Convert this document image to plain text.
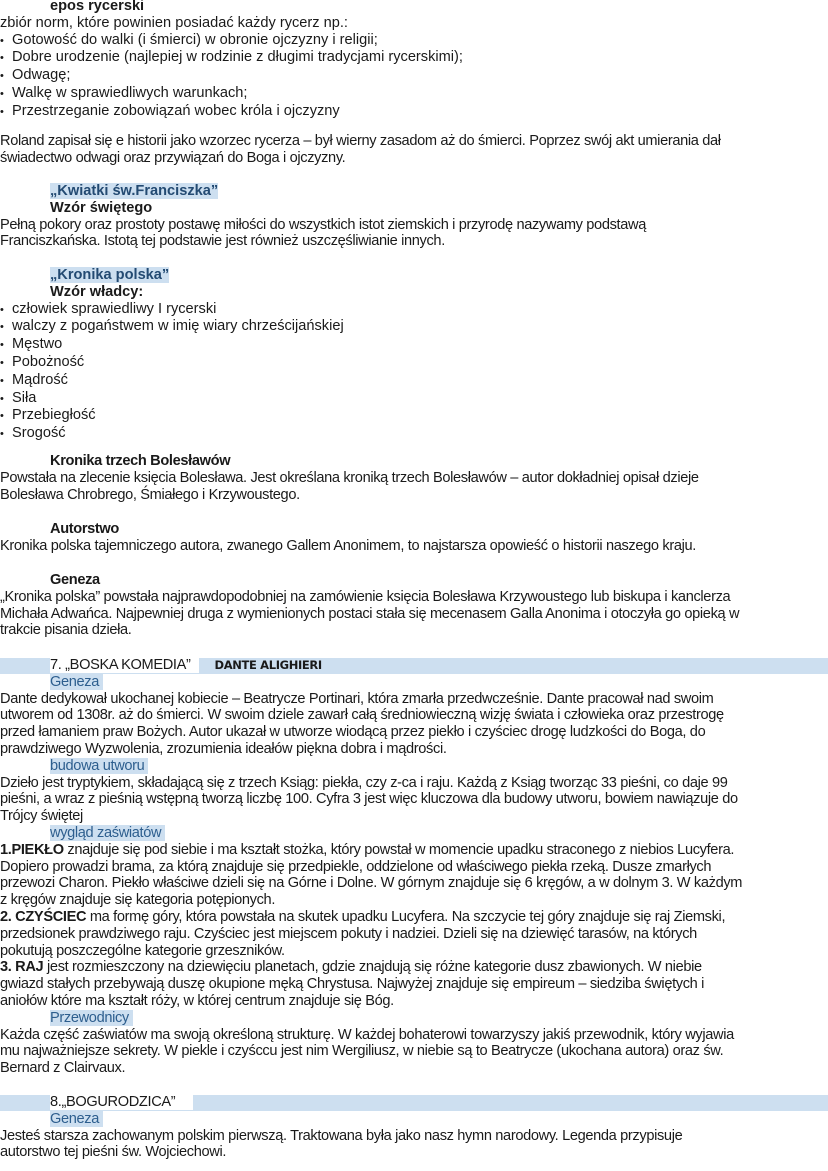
epos rycerski

zbiór norm, które powinien posiadać każdy rycerz np.:

• Gotowość do walki (i śmierci) w obronie ojczyzny i religii;

• Dobre urodzenie (najlepiej w rodzinie z długimi tradycjami rycerskimi);

• Odwagę;

• Walkę w sprawiedliwych warunkach;

• Przestrzeganie zobowiązań wobec króla i ojczyzny

Roland zapisał się e historii jako wzorzec rycerza – był wierny zasadom aż do śmierci. Poprzez swój akt umierania dał

świadectwo odwagi oraz przywiązań do Boga i ojczyzny.

„Kwiatki św.Franciszka”

Wzór świętego

Pełną pokory oraz prostoty postawę miłości do wszystkich istot ziemskich i przyrodę nazywamy podstawą

Franciszkańska. Istotą tej podstawie jest również uszczęśliwianie innych.

„Kronika polska”

Wzór władcy:

• człowiek sprawiedliwy I rycerski

• walczy z pogaństwem w imię wiary chrześcijańskiej

• Męstwo

• Pobożność

• Mądrość

• Siła

• Przebiegłość

• Srogość

Kronika trzech Bolesławów

Powstała na zlecenie księcia Bolesława. Jest określana kroniką trzech Bolesławów – autor dokładniej opisał dzieje

Bolesława Chrobrego, Śmiałego i Krzywoustego.

Autorstwo

Kronika polska tajemniczego autora, zwanego Gallem Anonimem, to najstarsza opowieść o historii naszego kraju.

Geneza

„Kronika polska” powstała najprawdopodobniej na zamówienie księcia Bolesława Krzywoustego lub biskupa i kanclerza

Michała Adwańca. Najpewniej druga z wymienionych postaci stała się mecenasem Galla Anonima i otoczyła go opieką w

trakcie pisania dzieła.

7. „BOSKA KOMEDIA” DANTE ALIGHIERI

Geneza

Dante dedykował ukochanej kobiecie – Beatrycze Portinari, która zmarła przedwcześnie. Dante pracował nad swoim

utworem od 1308r. aż do śmierci. W swoim dziele zawarł całą średniowieczną wizję świata i człowieka oraz przestrogę

przed łamaniem praw Bożych. Autor ukazał w utworze wiodącą przez piekło i czyściec drogę ludzkości do Boga, do

prawdziwego Wyzwolenia, zrozumienia ideałów piękna dobra i mądrości.

budowa utworu

Dzieło jest tryptykiem, składającą się z trzech Ksiąg: piekła, czy z-ca i raju. Każdą z Ksiąg tworząc 33 pieśni, co daje 99

pieśni, a wraz z pieśnią wstępną tworzą liczbę 100. Cyfra 3 jest więc kluczowa dla budowy utworu, bowiem nawiązuje do

Trójcy świętej

wygląd zaświatów

1.PIEKŁO znajduje się pod siebie i ma kształt stożka, który powstał w momencie upadku straconego z niebios Lucyfera.

Dopiero prowadzi brama, za którą znajduje się przedpiekle, oddzielone od właściwego piekła rzeką. Dusze zmarłych

przewozi Charon. Piekło właściwe dzieli się na Górne i Dolne. W górnym znajduje się 6 kręgów, a w dolnym 3. W każdym

z kręgów znajduje się kategoria potępionych.

2. CZYŚCIEC ma formę góry, która powstała na skutek upadku Lucyfera. Na szczycie tej góry znajduje się raj Ziemski,

przedsionek prawdziwego raju. Czyściec jest miejscem pokuty i nadziei. Dzieli się na dziewięć tarasów, na których

pokutują poszczególne kategorie grzeszników.

3. RAJ jest rozmieszczony na dziewięciu planetach, gdzie znajdują się różne kategorie dusz zbawionych. W niebie

gwiazd stałych przebywają duszę okupione męką Chrystusa. Najwyżej znajduje się empireum – siedziba świętych i

aniołów które ma kształt róży, w której centrum znajduje się Bóg.

Przewodnicy

Każda część zaświatów ma swoją określoną strukturę. W każdej bohaterowi towarzyszy jakiś przewodnik, który wyjawia

mu najważniejsze sekrety. W piekle i czyśccu jest nim Wergiliusz, w niebie są to Beatrycze (ukochana autora) oraz św.

Bernard z Clairvaux.

8.„BOGURODZICA”

Geneza

Jesteś starsza zachowanym polskim pierwszą. Traktowana była jako nasz hymn narodowy. Legenda przypisuje

autorstwo tej pieśni św. Wojciechowi.
